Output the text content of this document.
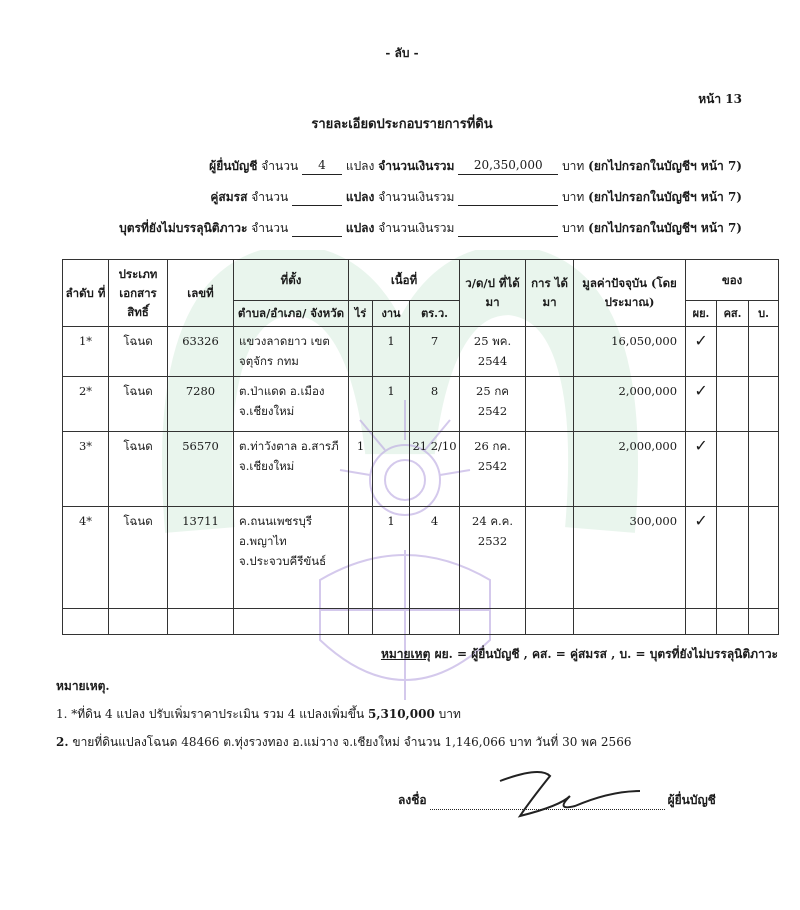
- ลับ -

หน้า 13

รายละเอียดประกอบรายการที่ดิน

ผู้ยื่นบัญชี จำนวน 4 แปลง จำนวนเงินรวม 20,350,000 บาท (ยกไปกรอกในบัญชีฯ หน้า 7)

คู่สมรส จำนวน	แปลง จำนวนเงินรวม	บาท (ยกไปกรอกในบัญชีฯ หน้า 7)

บุตรที่ยังไม่บรรลุนิติภาวะ จำนวน	แปลง จำนวนเงินรวม	บาท (ยกไปกรอกในบัญชีฯ หน้า 7)

ลำดับ ที่	ประเภท เอกสาร สิทธิ์	เลขที่	ที่ตั้ง	เนื้อที่			ว/ด/ป ที่ได้มา	การ ได้มา	มูลค่าปัจจุบัน (โดยประมาณ)	ของ		
			ตำบล/อำเภอ/ จังหวัด	ไร่	งาน	ตร.ว.				ผย.	คส.	บ.
1*	โฉนด	63326	แขวงลาดยาว เขตจตุจักร กทม		1	7	25 พค. 2544		16,050,000	✓		
2*	โฉนด	7280	ต.ป่าแดด อ.เมือง จ.เชียงใหม่		1	8	25 กค 2542		2,000,000	✓		
3*	โฉนด	56570	ต.ท่าวังตาล อ.สารภี จ.เชียงใหม่	1		21 2/10	26 กค. 2542		2,000,000	✓		
4*	โฉนด	13711	ค.ถนนเพชรบุรี อ.พญาไท จ.ประจวบคีรีขันธ์		1	4	24 ค.ค. 2532		300,000	✓		

หมายเหตุ ผย. = ผู้ยื่นบัญชี , คส. = คู่สมรส , บ. = บุตรที่ยังไม่บรรลุนิติภาวะ

หมายเหตุ.

1. *ที่ดิน 4 แปลง ปรับเพิ่มราคาประเมิน รวม 4 แปลงเพิ่มขึ้น 5,310,000 บาท

2. ขายที่ดินแปลงโฉนด 48466 ต.ทุ่งรวงทอง อ.แม่วาง จ.เชียงใหม่ จำนวน 1,146,066 บาท วันที่ 30 พค 2566

ลงชื่อ	ผู้ยื่นบัญชี
